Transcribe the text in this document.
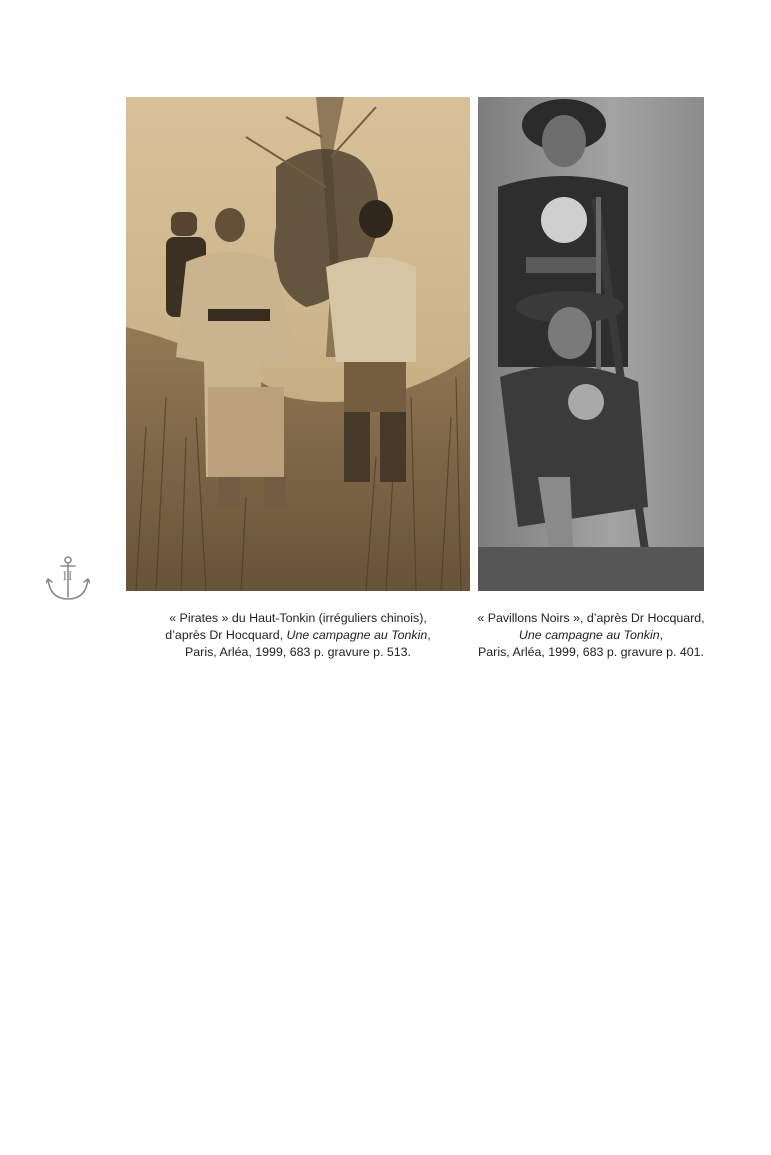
« Pirates » du Haut-Tonkin (irréguliers chinois),
d’après Dr Hocquard, Une campagne au Tonkin,
Paris, Arléa, 1999, 683 p. gravure p. 513.
« Pavillons Noirs », d’après Dr Hocquard,
Une campagne au Tonkin,
Paris, Arléa, 1999, 683 p. gravure p. 401.
II
